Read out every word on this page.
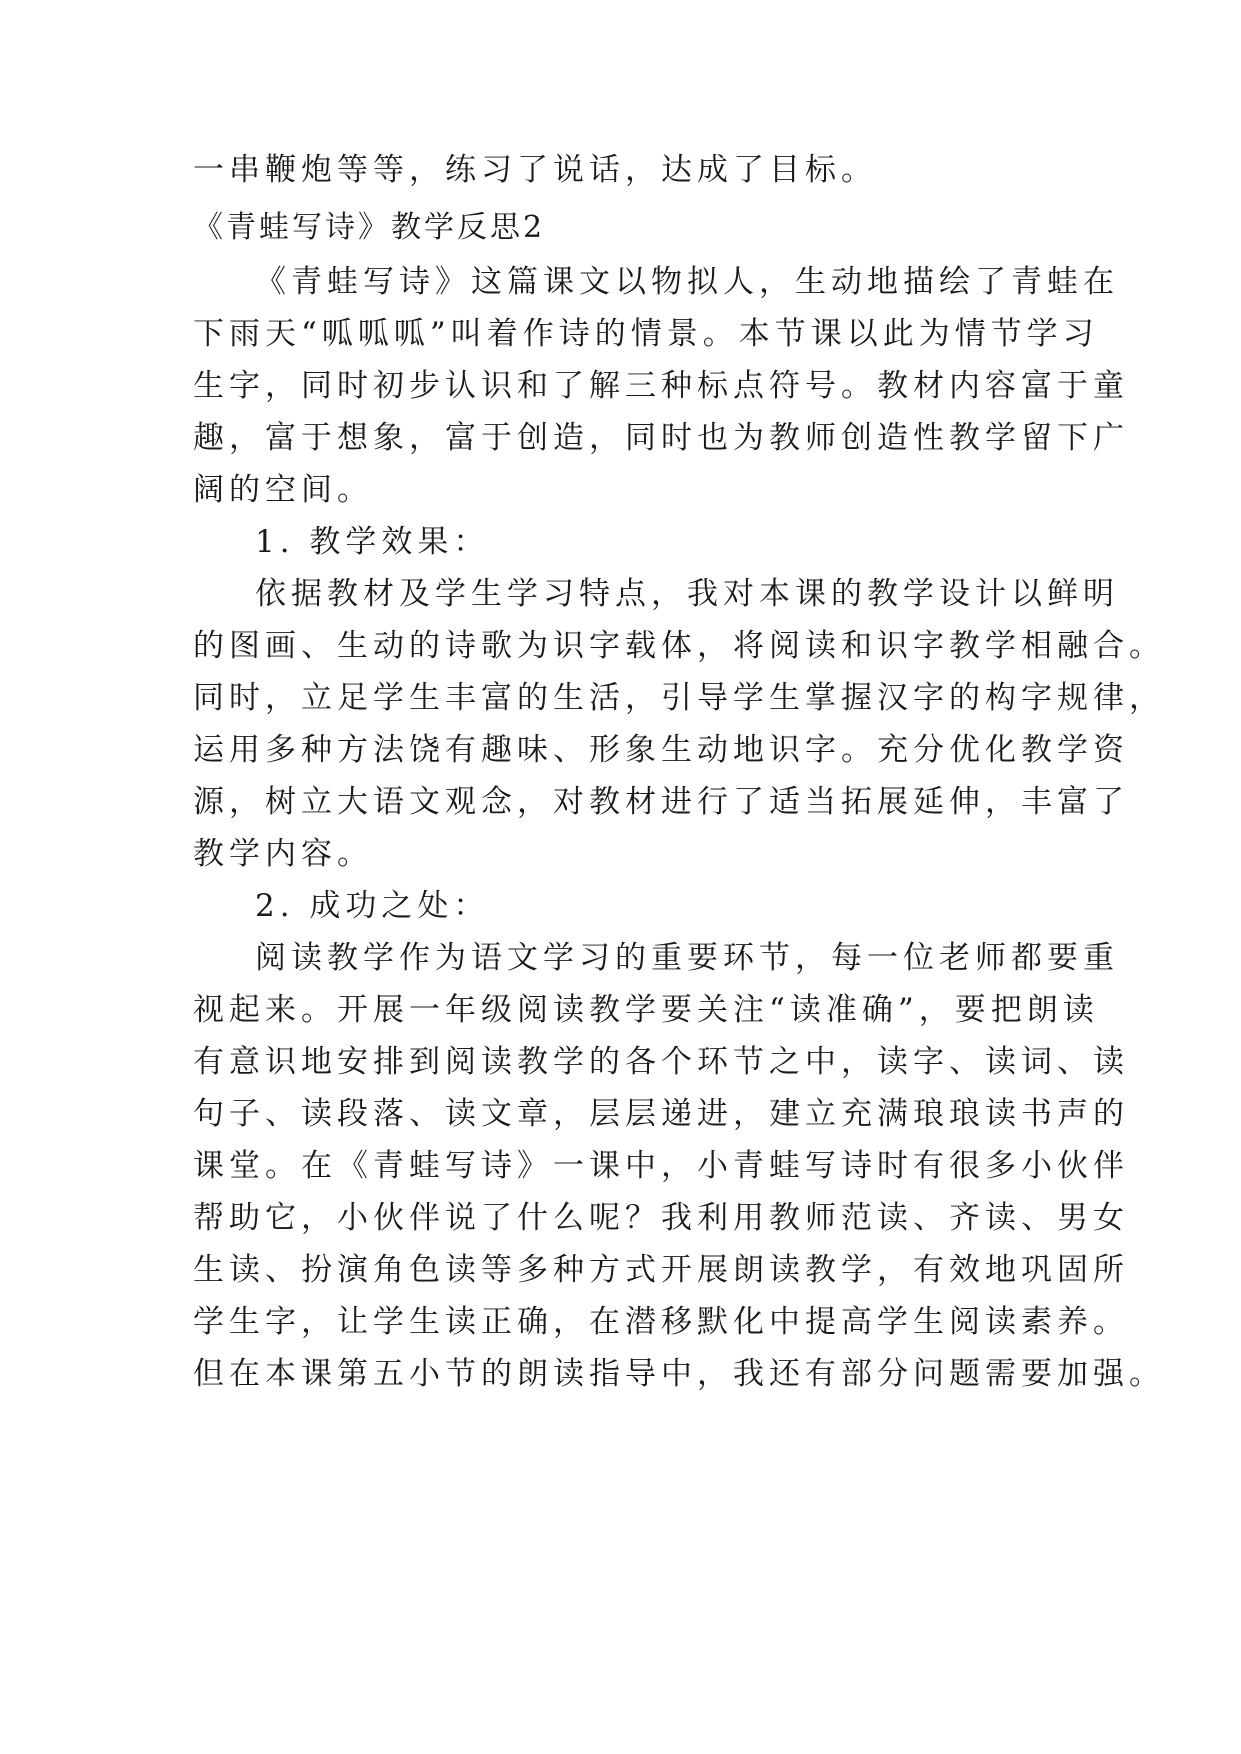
一串鞭炮等等，练习了说话，达成了目标。
《青蛙写诗》教学反思2
《青蛙写诗》这篇课文以物拟人，生动地描绘了青蛙在
下雨天“呱呱呱”叫着作诗的情景。本节课以此为情节学习
生字，同时初步认识和了解三种标点符号。教材内容富于童
趣，富于想象，富于创造，同时也为教师创造性教学留下广
阔的空间。
1. 教学效果：
依据教材及学生学习特点，我对本课的教学设计以鲜明
的图画、生动的诗歌为识字载体，将阅读和识字教学相融合。
同时，立足学生丰富的生活，引导学生掌握汉字的构字规律，
运用多种方法饶有趣味、形象生动地识字。充分优化教学资
源，树立大语文观念，对教材进行了适当拓展延伸，丰富了
教学内容。
2. 成功之处：
阅读教学作为语文学习的重要环节，每一位老师都要重
视起来。开展一年级阅读教学要关注“读准确”，要把朗读
有意识地安排到阅读教学的各个环节之中，读字、读词、读
句子、读段落、读文章，层层递进，建立充满琅琅读书声的
课堂。在《青蛙写诗》一课中，小青蛙写诗时有很多小伙伴
帮助它，小伙伴说了什么呢？我利用教师范读、齐读、男女
生读、扮演角色读等多种方式开展朗读教学，有效地巩固所
学生字，让学生读正确，在潜移默化中提高学生阅读素养。
但在本课第五小节的朗读指导中，我还有部分问题需要加强。
